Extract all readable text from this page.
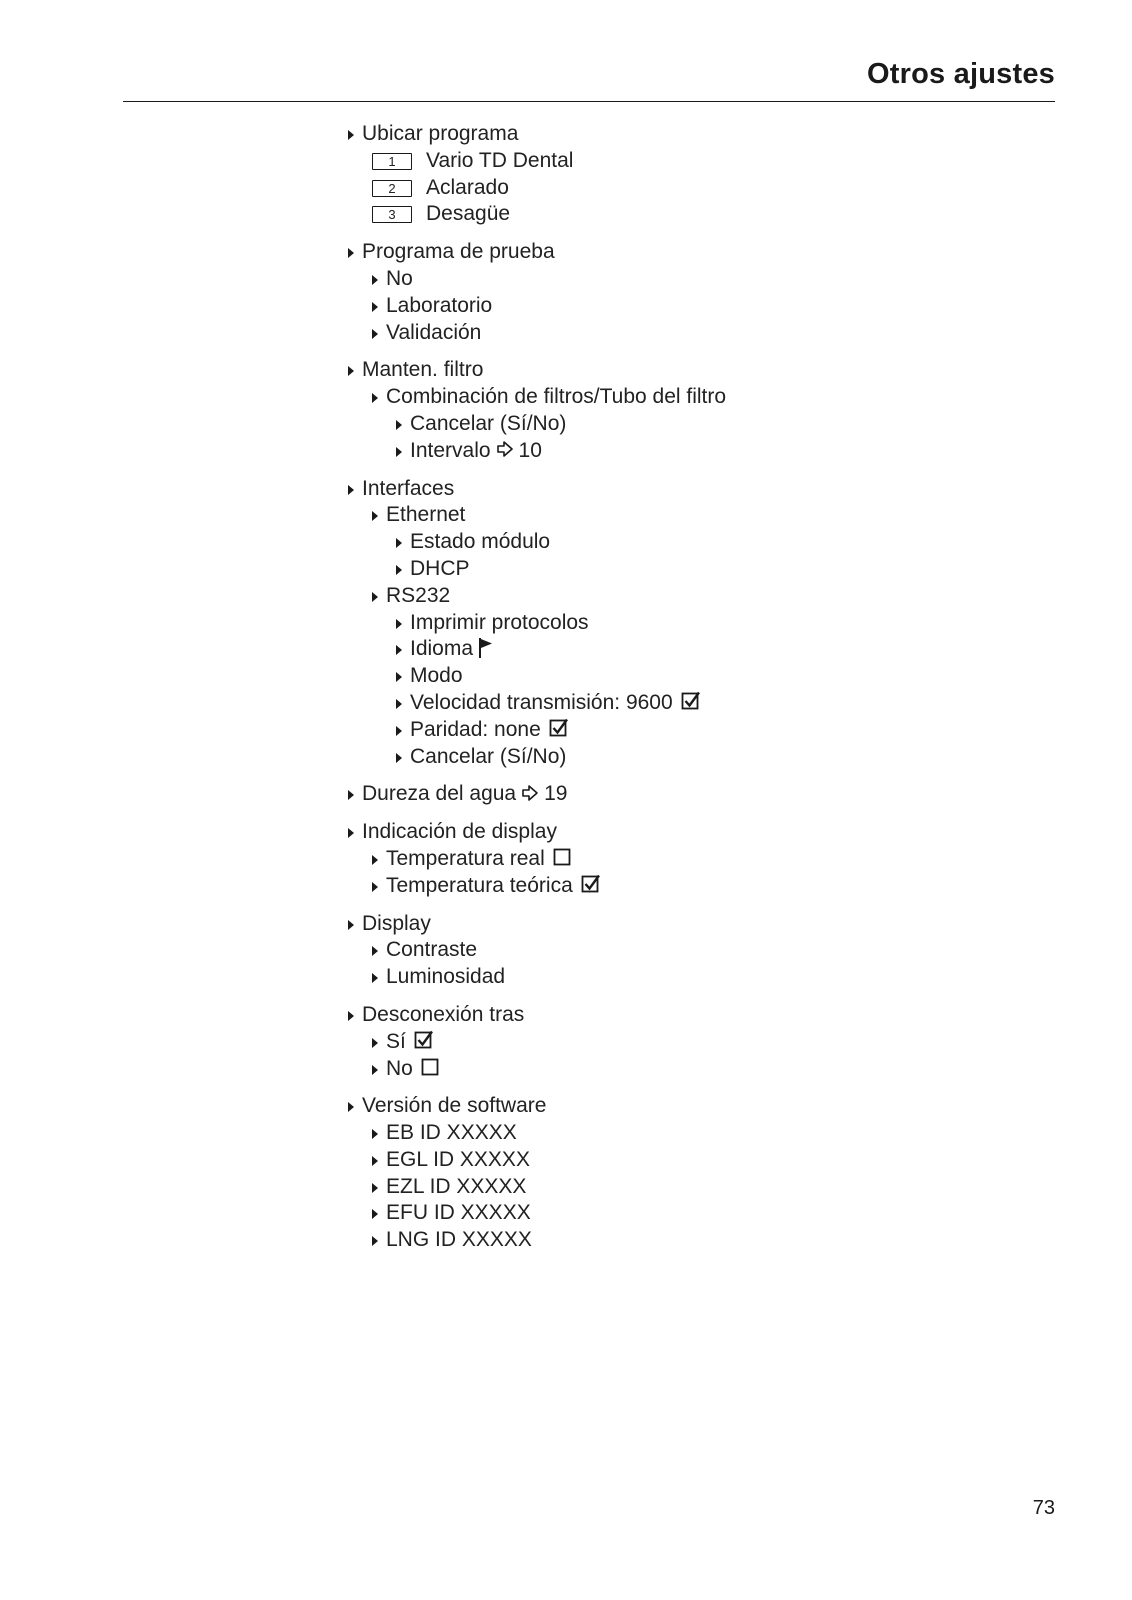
Otros ajustes
Ubicar programa
1	Vario TD Dental
2	Aclarado
3	Desagüe
Programa de prueba
No
Laboratorio
Validación
Manten. filtro
Combinación de filtros/Tubo del filtro
Cancelar (Sí/No)
Intervalo 10
Interfaces
Ethernet
Estado módulo
DHCP
RS232
Imprimir protocolos
Idioma
Modo
Velocidad transmisión: 9600
Paridad: none
Cancelar (Sí/No)
Dureza del agua 19
Indicación de display
Temperatura real
Temperatura teórica
Display
Contraste
Luminosidad
Desconexión tras
Sí
No
Versión de software
EB ID XXXXX
EGL ID XXXXX
EZL ID XXXXX
EFU ID XXXXX
LNG ID XXXXX
73
